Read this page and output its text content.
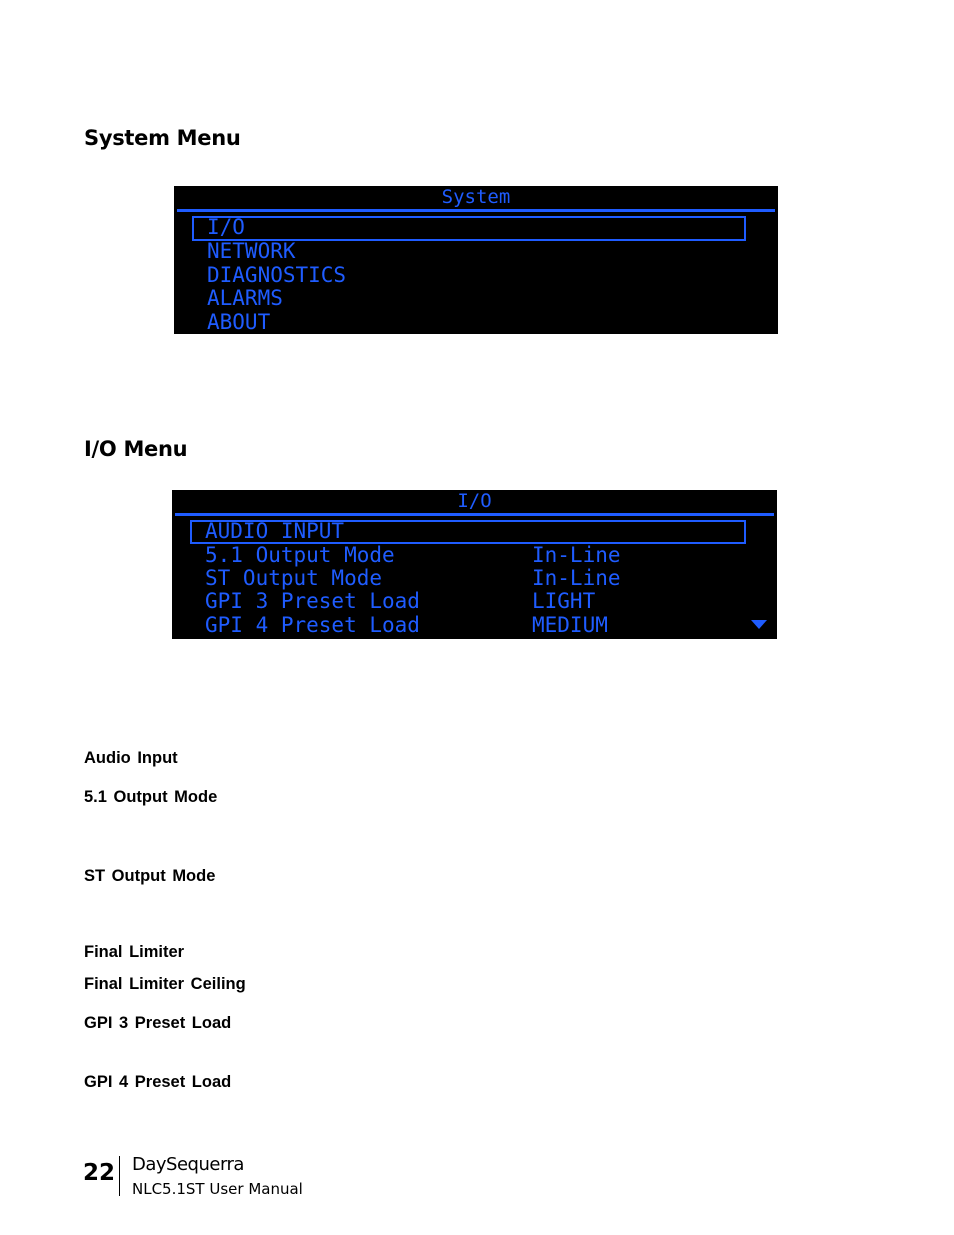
System Menu
System
I/O
NETWORK
DIAGNOSTICS
ALARMS
ABOUT
I/O Menu
I/O
AUDIO INPUT
5.1 Output Mode	In-Line
ST Output Mode	In-Line
GPI 3 Preset Load	LIGHT
GPI 4 Preset Load	MEDIUM

Audio Input

5.1 Output Mode

ST Output Mode

Final Limiter

Final Limiter Ceiling

GPI 3 Preset Load

GPI 4 Preset Load

22 DaySequerra
NLC5.1ST User Manual
